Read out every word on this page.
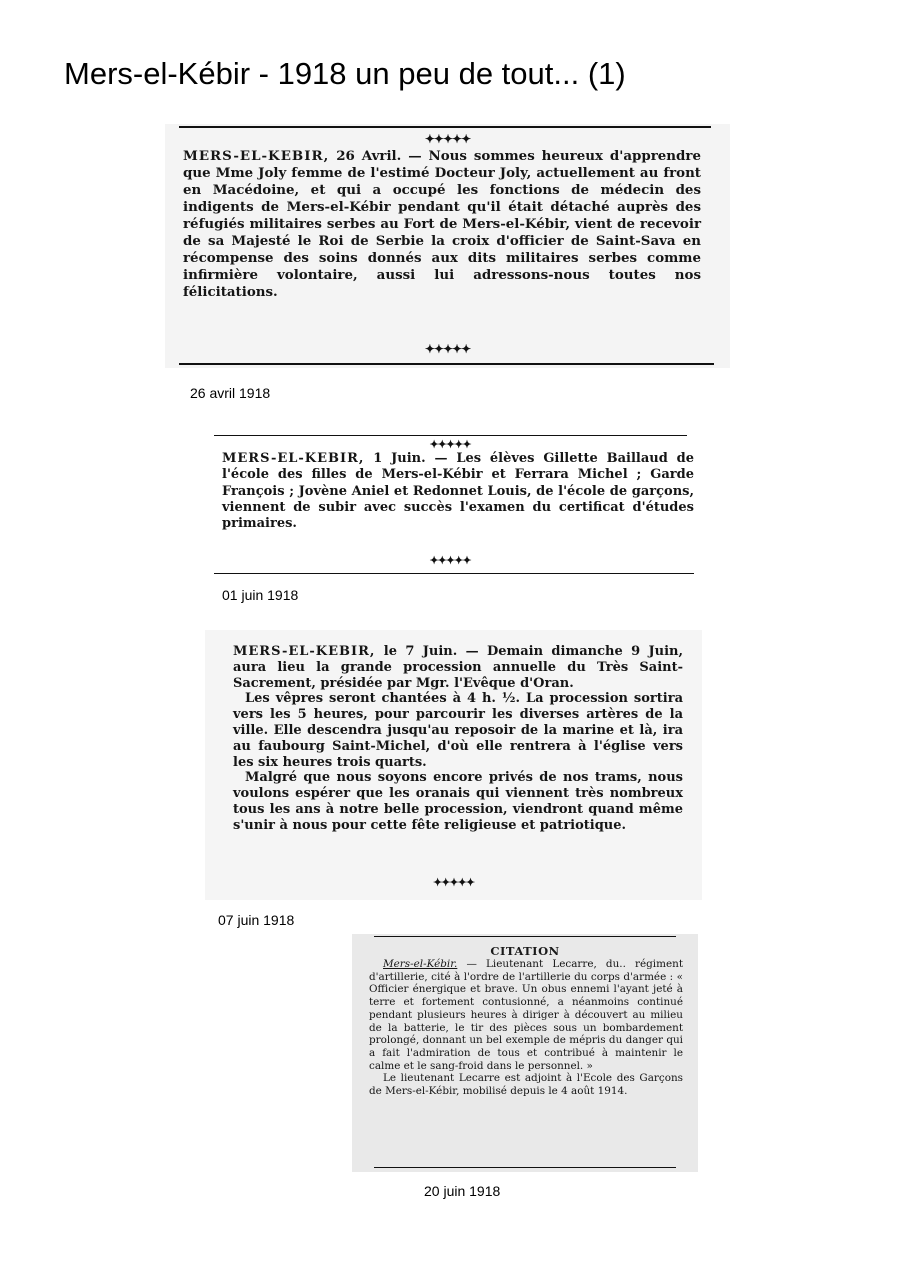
Mers-el-Kébir - 1918 un peu de tout... (1)
✦✦✦✦✦
MERS-EL-KEBIR, 26 Avril. — Nous sommes heureux d'apprendre que Mme Joly femme de l'estimé Docteur Joly, actuellement au front en Macédoine, et qui a occupé les fonctions de médecin des indigents de Mers-el-Kébir pendant qu'il était détaché auprès des réfugiés militaires serbes au Fort de Mers-el-Kébir, vient de recevoir de sa Majesté le Roi de Serbie la croix d'officier de Saint-Sava en récompense des soins donnés aux dits militaires serbes comme infirmière volontaire, aussi lui adressons-nous toutes nos félicitations.
✦✦✦✦✦
26 avril 1918
✦✦✦✦✦
MERS-EL-KEBIR, 1 Juin. — Les élèves Gillette Baillaud de l'école des filles de Mers-el-Kébir et Ferrara Michel ; Garde François ; Jovène Aniel et Redonnet Louis, de l'école de garçons, viennent de subir avec succès l'examen du certificat d'études primaires.
✦✦✦✦✦
01 juin 1918
MERS-EL-KEBIR, le 7 Juin. — Demain dimanche 9 Juin, aura lieu la grande procession annuelle du Très Saint-Sacrement, présidée par Mgr. l'Evêque d'Oran.
Les vêpres seront chantées à 4 h. ½. La procession sortira vers les 5 heures, pour parcourir les diverses artères de la ville. Elle descendra jusqu'au reposoir de la marine et là, ira au faubourg Saint-Michel, d'où elle rentrera à l'église vers les six heures trois quarts.
Malgré que nous soyons encore privés de nos trams, nous voulons espérer que les oranais qui viennent très nombreux tous les ans à notre belle procession, viendront quand même s'unir à nous pour cette fête religieuse et patriotique.
✦✦✦✦✦
07 juin 1918
CITATION
Mers-el-Kébir. — Lieutenant Lecarre, du.. régiment d'artillerie, cité à l'ordre de l'artillerie du corps d'armée : « Officier énergique et brave. Un obus ennemi l'ayant jeté à terre et fortement contusionné, a néanmoins continué pendant plusieurs heures à diriger à découvert au milieu de la batterie, le tir des pièces sous un bombardement prolongé, donnant un bel exemple de mépris du danger qui a fait l'admiration de tous et contribué à maintenir le calme et le sang-froid dans le personnel. »
Le lieutenant Lecarre est adjoint à l'Ecole des Garçons de Mers-el-Kébir, mobilisé depuis le 4 août 1914.
20 juin 1918
